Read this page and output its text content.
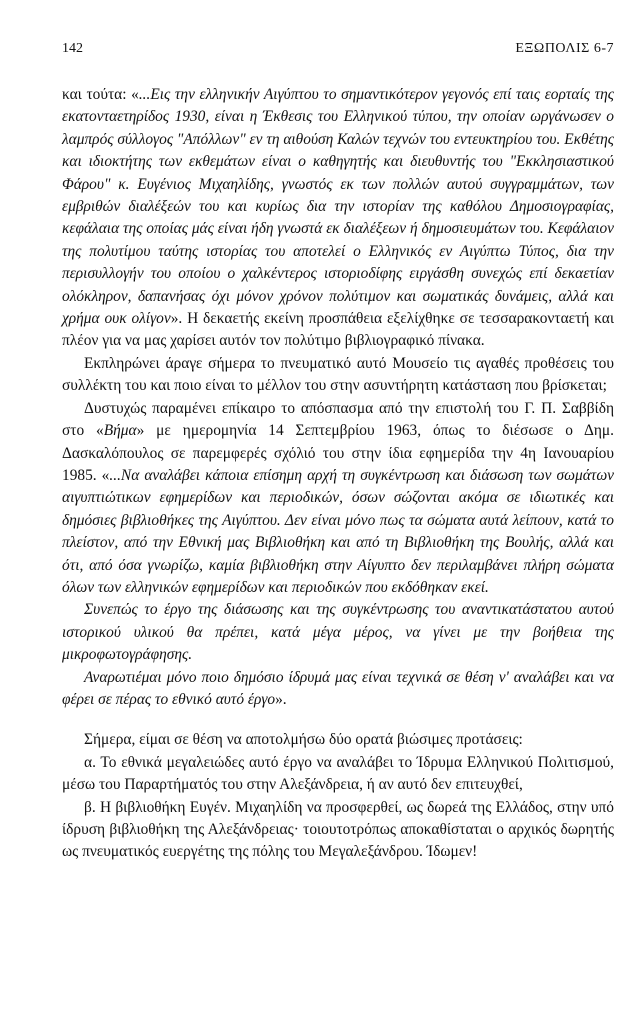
142	ΕΞΩΠΟΛΙΣ 6-7

και τούτα: «...Εις την ελληνικήν Αιγύπτου το σημαντικότερον γεγονός επί ταις εορταίς της εκατονταετηρίδος 1930, είναι η Έκθεσις του Ελληνικού τύπου, την οποίαν ωργάνωσεν ο λαμπρός σύλλογος "Απόλλων" εν τη αιθούση Καλών τεχνών του εντευκτηρίου του. Εκθέτης και ιδιοκτήτης των εκθεμάτων είναι ο καθηγητής και διευθυντής του "Εκκλησιαστικού Φάρου" κ. Ευγένιος Μιχαηλίδης, γνωστός εκ των πολλών αυτού συγγραμμάτων, των εμβριθών διαλέξεών του και κυρίως δια την ιστορίαν της καθόλου Δημοσιογραφίας, κεφάλαια της οποίας μάς είναι ήδη γνωστά εκ διαλέξεων ή δημοσιευμάτων του. Κεφάλαιον της πολυτίμου ταύτης ιστορίας του αποτελεί ο Ελληνικός εν Αιγύπτω Τύπος, δια την περισυλλογήν του οποίου ο χαλκέντερος ιστοριοδίφης ειργάσθη συνεχώς επί δεκαετίαν ολόκληρον, δαπανήσας όχι μόνον χρόνον πολύτιμον και σωματικάς δυνάμεις, αλλά και χρήμα ουκ ολίγον». Η δεκαετής εκείνη προσπάθεια εξελίχθηκε σε τεσσαρακονταετή και πλέον για να μας χαρίσει αυτόν τον πολύτιμο βιβλιογραφικό πίνακα.

Εκπληρώνει άραγε σήμερα το πνευματικό αυτό Μουσείο τις αγαθές προθέσεις του συλλέκτη του και ποιο είναι το μέλλον του στην ασυντήρητη κατάσταση που βρίσκεται;

Δυστυχώς παραμένει επίκαιρο το απόσπασμα από την επιστολή του Γ. Π. Σαββίδη στο «Βήμα» με ημερομηνία 14 Σεπτεμβρίου 1963, όπως το διέσωσε ο Δημ. Δασκαλόπουλος σε παρεμφερές σχόλιό του στην ίδια εφημερίδα την 4η Ιανουαρίου 1985. «...Να αναλάβει κάποια επίσημη αρχή τη συγκέντρωση και διάσωση των σωμάτων αιγυπτιώτικων εφημερίδων και περιοδικών, όσων σώζονται ακόμα σε ιδιωτικές και δημόσιες βιβλιοθήκες της Αιγύπτου. Δεν είναι μόνο πως τα σώματα αυτά λείπουν, κατά το πλείστον, από την Εθνική μας Βιβλιοθήκη και από τη Βιβλιοθήκη της Βουλής, αλλά και ότι, από όσα γνωρίζω, καμία βιβλιοθήκη στην Αίγυπτο δεν περιλαμβάνει πλήρη σώματα όλων των ελληνικών εφημερίδων και περιοδικών που εκδόθηκαν εκεί.

Συνεπώς το έργο της διάσωσης και της συγκέντρωσης του αναντικατάστατου αυτού ιστορικού υλικού θα πρέπει, κατά μέγα μέρος, να γίνει με την βοήθεια της μικροφωτογράφησης.

Αναρωτιέμαι μόνο ποιο δημόσιο ίδρυμά μας είναι τεχνικά σε θέση ν' αναλάβει και να φέρει σε πέρας το εθνικό αυτό έργο».

Σήμερα, είμαι σε θέση να αποτολμήσω δύο ορατά βιώσιμες προτάσεις:

α. Το εθνικά μεγαλειώδες αυτό έργο να αναλάβει το Ίδρυμα Ελληνικού Πολιτισμού, μέσω του Παραρτήματός του στην Αλεξάνδρεια, ή αν αυτό δεν επιτευχθεί,

β. Η βιβλιοθήκη Ευγέν. Μιχαηλίδη να προσφερθεί, ως δωρεά της Ελλάδος, στην υπό ίδρυση βιβλιοθήκη της Αλεξάνδρειας· τοιουτοτρόπως αποκαθίσταται ο αρχικός δωρητής ως πνευματικός ευεργέτης της πόλης του Μεγαλεξάνδρου. Ίδωμεν!
